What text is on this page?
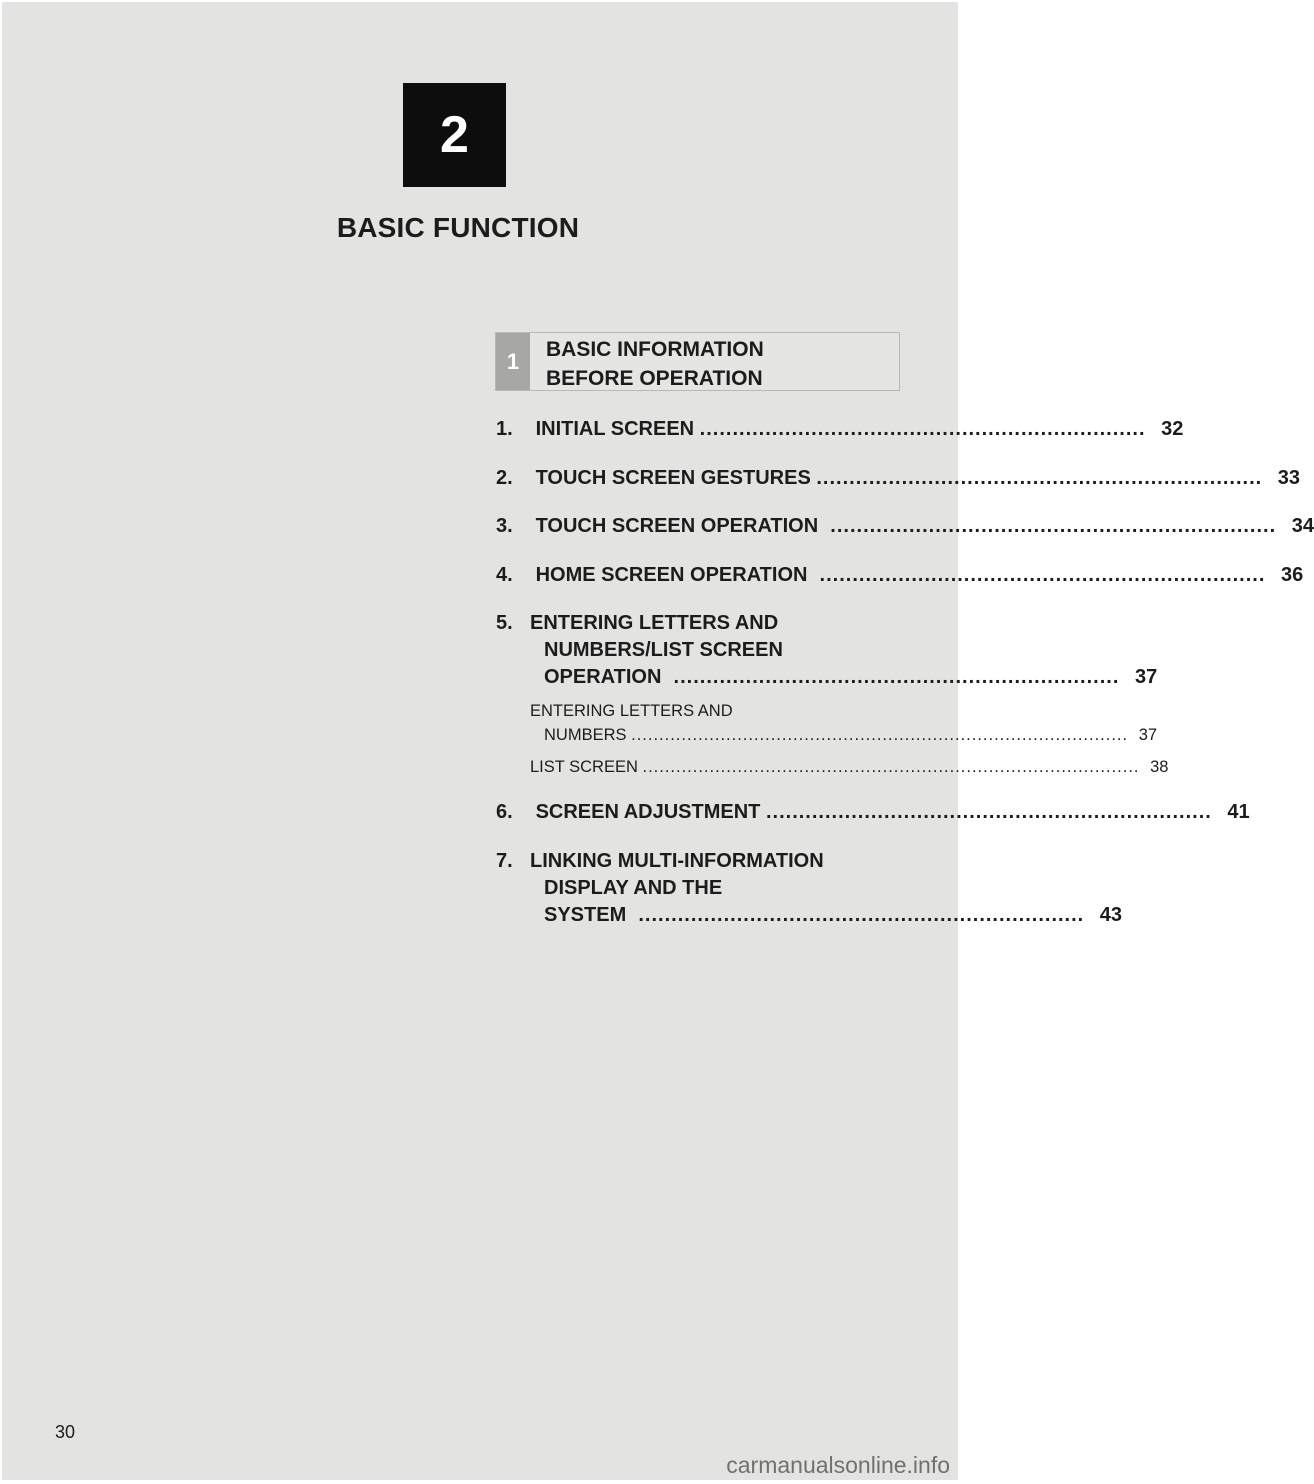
2
BASIC FUNCTION
1	BASIC INFORMATION
BEFORE OPERATION
1. INITIAL SCREEN .................................................................... 32
2. TOUCH SCREEN GESTURES .................................................................... 33
3. TOUCH SCREEN OPERATION  .................................................................... 34
4. HOME SCREEN OPERATION  .................................................................... 36
5. ENTERING LETTERS AND
NUMBERS/LIST SCREEN
OPERATION  .................................................................... 37
ENTERING LETTERS AND
NUMBERS ......................................................................................... 37
LIST SCREEN ......................................................................................... 38
6. SCREEN ADJUSTMENT .................................................................... 41
7. LINKING MULTI-INFORMATION
DISPLAY AND THE
SYSTEM  .................................................................... 43
30
carmanualsonline.info
